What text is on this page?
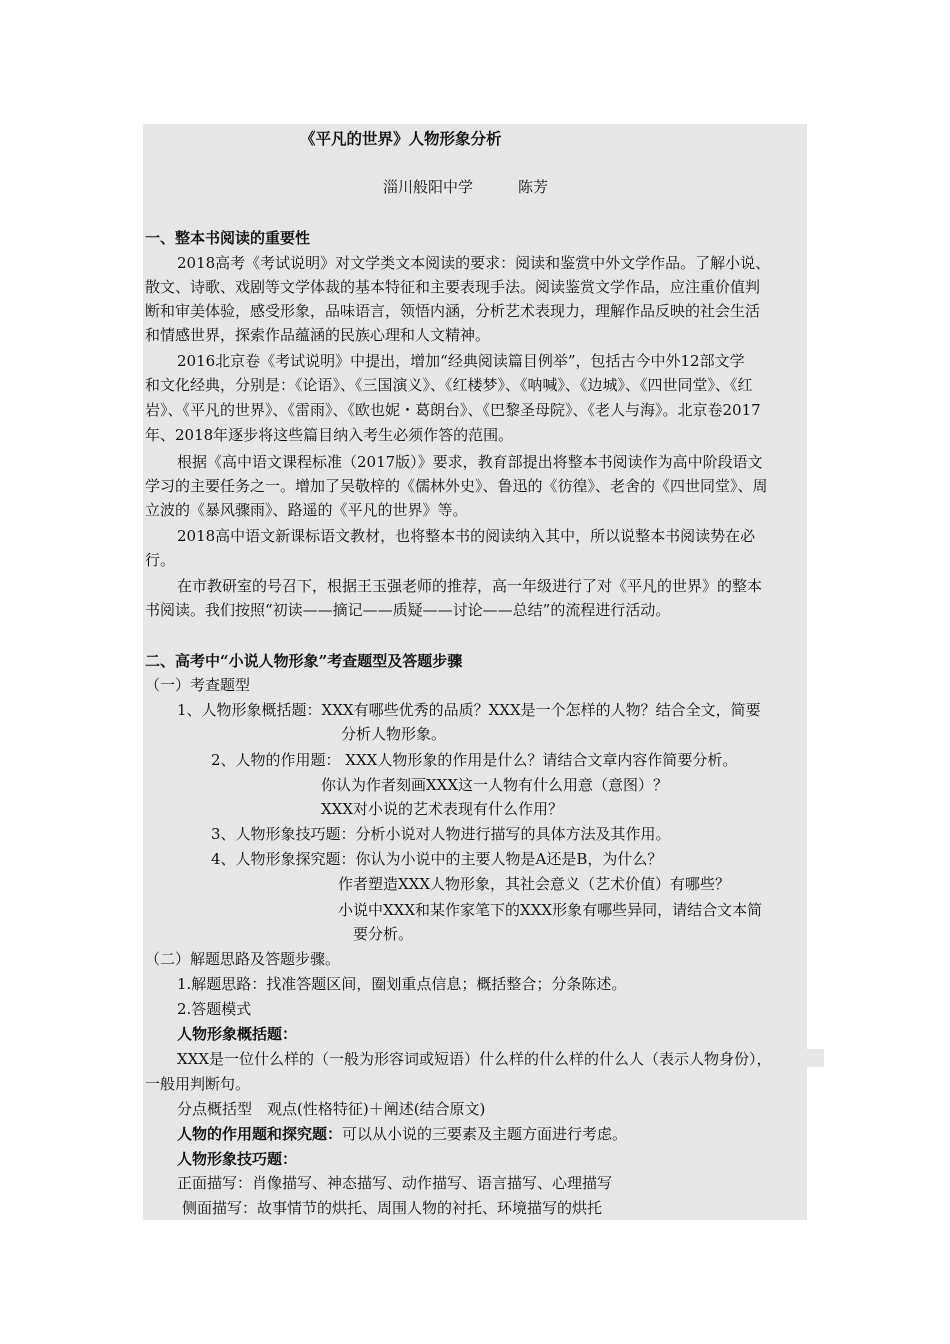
《平凡的世界》人物形象分析
淄川般阳中学　　　陈芳
一、整本书阅读的重要性
2018高考《考试说明》对文学类文本阅读的要求：阅读和鉴赏中外文学作品。了解小说、
散文、诗歌、戏剧等文学体裁的基本特征和主要表现手法。阅读鉴赏文学作品，应注重价值判
断和审美体验，感受形象，品味语言，领悟内涵，分析艺术表现力，理解作品反映的社会生活
和情感世界，探索作品蕴涵的民族心理和人文精神。
2016北京卷《考试说明》中提出，增加“经典阅读篇目例举”，包括古今中外12部文学
和文化经典，分别是：《论语》、《三国演义》、《红楼梦》、《呐喊》、《边城》、《四世同堂》、《红
岩》、《平凡的世界》、《雷雨》、《欧也妮・葛朗台》、《巴黎圣母院》、《老人与海》。北京卷2017
年、2018年逐步将这些篇目纳入考生必须作答的范围。
根据《高中语文课程标准（2017版）》要求，教育部提出将整本书阅读作为高中阶段语文
学习的主要任务之一。增加了吴敬梓的《儒林外史》、鲁迅的《彷徨》、老舍的《四世同堂》、周
立波的《暴风骤雨》、路遥的《平凡的世界》等。
2018高中语文新课标语文教材，也将整本书的阅读纳入其中，所以说整本书阅读势在必
行。
在市教研室的号召下，根据王玉强老师的推荐，高一年级进行了对《平凡的世界》的整本
书阅读。我们按照“初读——摘记——质疑——讨论——总结”的流程进行活动。
二、高考中“小说人物形象”考查题型及答题步骤
（一）考查题型
1、人物形象概括题：XXX有哪些优秀的品质？XXX是一个怎样的人物？结合全文，简要
分析人物形象。
2、人物的作用题： XXX人物形象的作用是什么？请结合文章内容作简要分析。
你认为作者刻画XXX这一人物有什么用意（意图）？
XXX对小说的艺术表现有什么作用？
3、人物形象技巧题：分析小说对人物进行描写的具体方法及其作用。
4、人物形象探究题：你认为小说中的主要人物是A还是B，为什么？
作者塑造XXX人物形象，其社会意义（艺术价值）有哪些？
小说中XXX和某作家笔下的XXX形象有哪些异同，请结合文本简
要分析。
（二）解题思路及答题步骤。
1.解题思路：找准答题区间，圈划重点信息；概括整合；分条陈述。
2.答题模式
人物形象概括题：
XXX是一位什么样的（一般为形容词或短语）什么样的什么样的什么人（表示人物身份），
一般用判断句。
分点概括型　观点(性格特征)＋阐述(结合原文)
人物的作用题和探究题：可以从小说的三要素及主题方面进行考虑。
人物形象技巧题：
正面描写：肖像描写、神态描写、动作描写、语言描写、心理描写
侧面描写：故事情节的烘托、周围人物的衬托、环境描写的烘托
